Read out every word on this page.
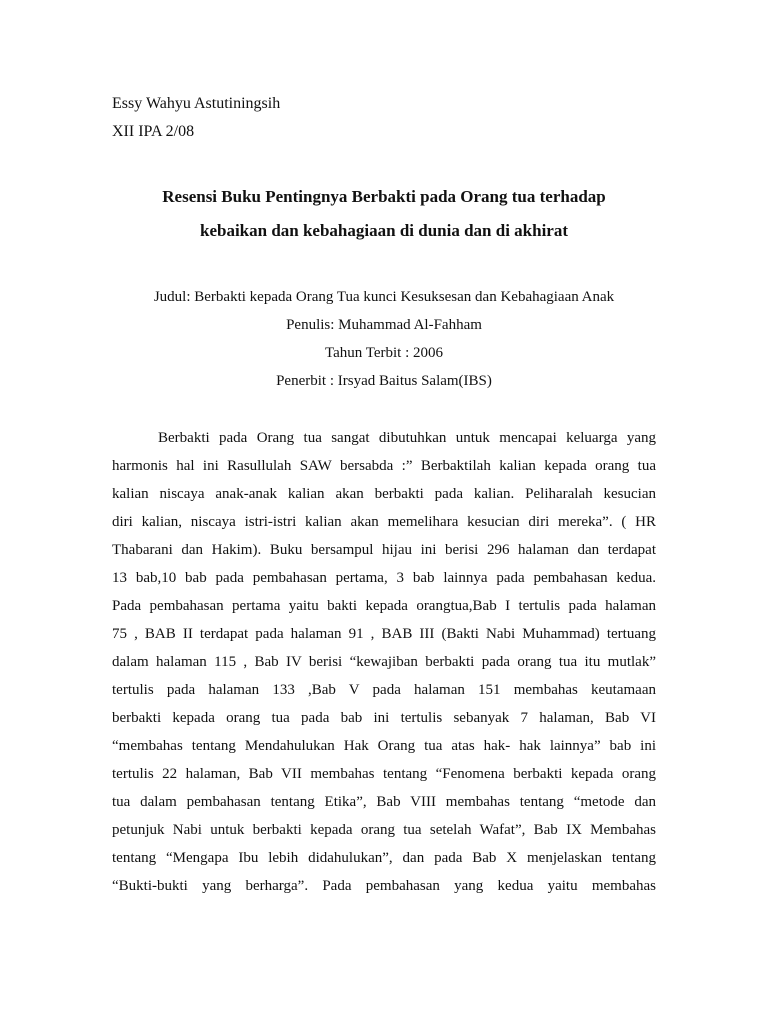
Essy Wahyu Astutiningsih
XII IPA 2/08
Resensi Buku Pentingnya Berbakti pada Orang tua terhadap
kebaikan dan kebahagiaan di dunia dan di akhirat
Judul: Berbakti kepada Orang Tua kunci Kesuksesan dan Kebahagiaan Anak
Penulis: Muhammad Al-Fahham
Tahun Terbit : 2006
Penerbit : Irsyad Baitus Salam(IBS)
Berbakti pada Orang tua sangat dibutuhkan untuk mencapai keluarga yang
harmonis hal ini Rasullulah SAW bersabda :” Berbaktilah kalian kepada orang tua
kalian niscaya anak-anak kalian akan berbakti pada kalian. Peliharalah kesucian
diri kalian, niscaya istri-istri kalian akan memelihara kesucian diri mereka”. ( HR
Thabarani dan Hakim). Buku bersampul hijau ini berisi 296 halaman dan terdapat
13 bab,10 bab pada pembahasan pertama, 3 bab lainnya pada pembahasan kedua.
Pada pembahasan pertama yaitu bakti kepada orangtua,Bab I tertulis pada halaman
75 , BAB II terdapat pada halaman 91 , BAB III (Bakti Nabi Muhammad) tertuang
dalam halaman 115 , Bab IV berisi “kewajiban berbakti pada orang tua itu mutlak”
tertulis pada halaman 133 ,Bab V pada halaman 151 membahas keutamaan
berbakti kepada orang tua pada bab ini tertulis sebanyak 7 halaman, Bab VI
“membahas tentang Mendahulukan Hak Orang tua atas hak- hak lainnya” bab ini
tertulis 22 halaman, Bab VII membahas tentang “Fenomena berbakti kepada orang
tua dalam pembahasan tentang Etika”, Bab VIII membahas tentang “metode dan
petunjuk Nabi untuk berbakti kepada orang tua setelah Wafat”, Bab IX Membahas
tentang “Mengapa Ibu lebih didahulukan”, dan pada Bab X menjelaskan tentang
“Bukti-bukti yang berharga”. Pada pembahasan yang kedua yaitu membahas
